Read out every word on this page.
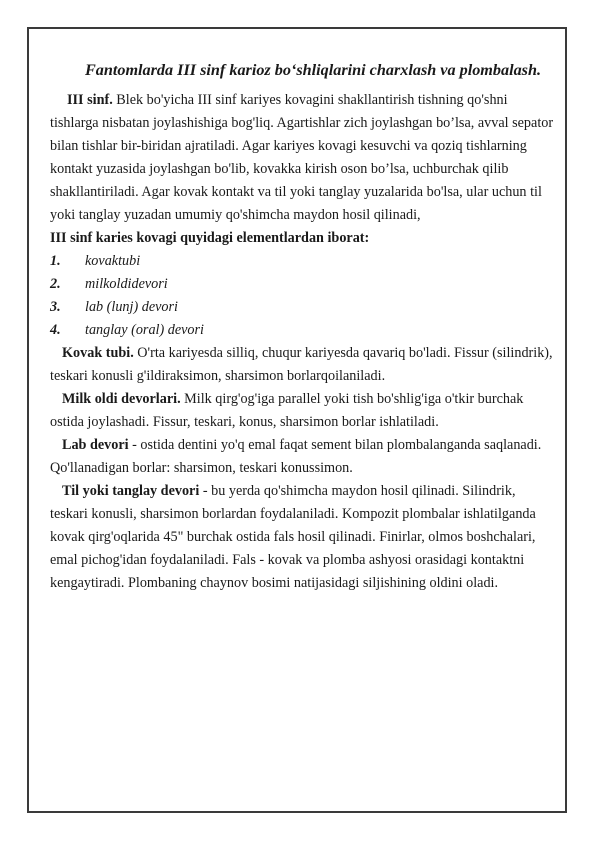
Fantomlarda III sinf karioz bo‘shliqlarini charxlash va plombalash.

III sinf. Blek bo'yicha III sinf kariyes kovagini shakllantirish tishning qo'shni tishlarga nisbatan joylashishiga bog'liq. Agartishlar zich joylashgan bo’lsa, avval sepator bilan tishlar bir-biridan ajratiladi. Agar kariyes kovagi kesuvchi va qoziq tishlarning kontakt yuzasida joylashgan bo'lib, kovakka kirish oson bo’lsa, uchburchak qilib shakllantiriladi. Agar kovak kontakt va til yoki tanglay yuzalarida bo'lsa, ular uchun til yoki tanglay yuzadan umumiy qo'shimcha maydon hosil qilinadi,

III sinf karies kovagi quyidagi elementlardan iborat:

1.	kovaktubi
2.	milkoldidevori
3.	lab (lunj) devori
4.	tanglay (oral) devori

Kovak tubi. O'rta kariyesda silliq, chuqur kariyesda qavariq bo'ladi. Fissur (silindrik), teskari konusli g'ildiraksimon, sharsimon borlarqoilaniladi.

Milk oldi devorlari. Milk qirg'og'iga parallel yoki tish bo'shlig'iga o'tkir burchak ostida joylashadi. Fissur, teskari, konus, sharsimon borlar ishlatiladi.

Lab devori - ostida dentini yo'q emal faqat sement bilan plombalanganda saqlanadi. Qo'llanadigan borlar: sharsimon, teskari konussimon.

Til yoki tanglay devori - bu yerda qo'shimcha maydon hosil qilinadi. Silindrik, teskari konusli, sharsimon borlardan foydalaniladi. Kompozit plombalar ishlatilganda kovak qirg'oqlarida 45" burchak ostida fals hosil qilinadi. Finirlar, olmos boshchalari, emal pichog'idan foydalaniladi. Fals - kovak va plomba ashyosi orasidagi kontaktni kengaytiradi. Plombaning chaynov bosimi natijasidagi siljishining oldini oladi.
